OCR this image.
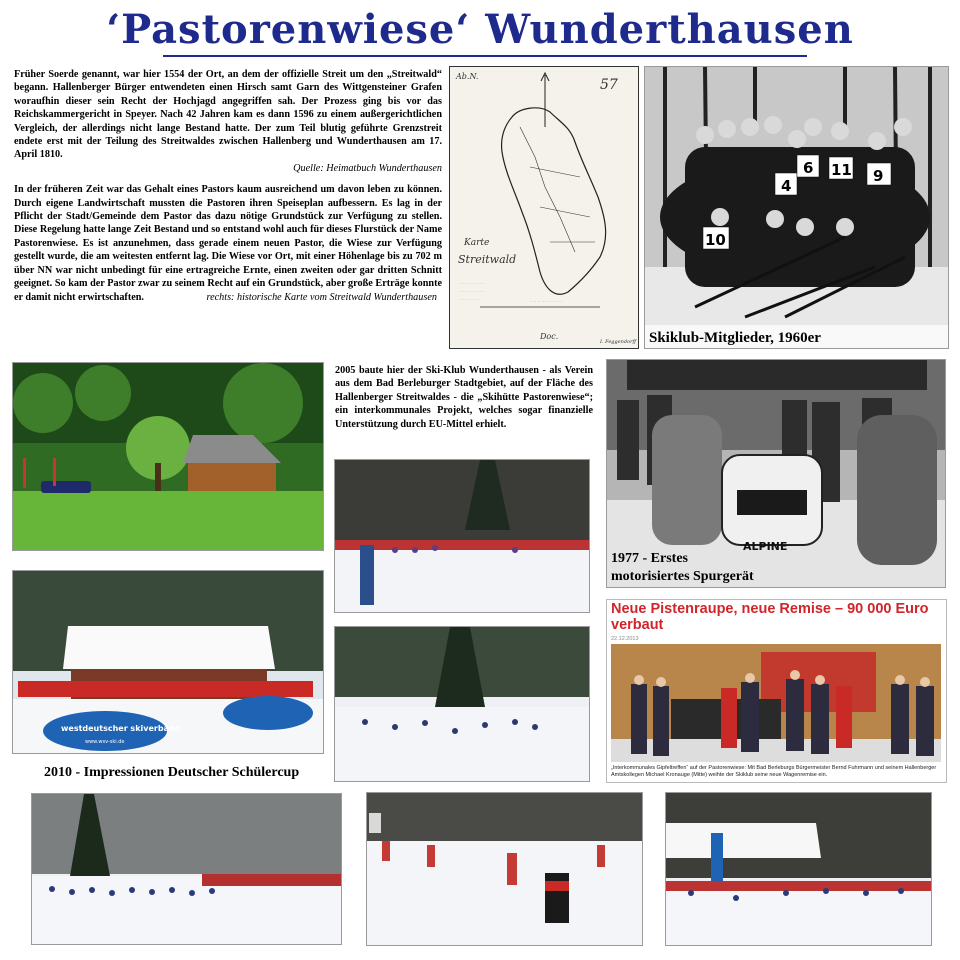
‘Pastorenwiese‘ Wunderthausen

Früher Soerde genannt, war hier 1554 der Ort, an dem der offizielle Streit um den „Streitwald“ begann. Hallenberger Bürger entwendeten einen Hirsch samt Garn des Wittgensteiner Grafen woraufhin dieser sein Recht der Hochjagd angegriffen sah. Der Prozess ging bis vor das Reichskammergericht in Speyer. Nach 42 Jahren kam es dann 1596 zu einem außergerichtlichen Vergleich, der allerdings nicht lange Bestand hatte. Der zum Teil blutig geführte Grenzstreit endete erst mit der Teilung des Streitwaldes zwischen Hallenberg und Wunderthausen am 17. April 1810.

Quelle: Heimatbuch Wunderthausen

In der früheren Zeit war das Gehalt eines Pastors kaum ausreichend um davon leben zu können. Durch eigene Landwirtschaft mussten die Pastoren ihren Speiseplan aufbessern. Es lag in der Pflicht der Stadt/Gemeinde dem Pastor das dazu nötige Grundstück zur Verfügung zu stellen. Diese Regelung hatte lange Zeit Bestand und so entstand wohl auch für dieses Flurstück der Name Pastorenwiese. Es ist anzunehmen, dass gerade einem neuen Pastor, die Wiese zur Verfügung gestellt wurde, die am weitesten entfernt lag. Die Wiese vor Ort, mit einer Höhenlage bis zu 702 m über NN war nicht unbedingt für eine ertragreiche Ernte, einen zweiten oder gar dritten Schnitt geeignet. So kam der Pastor zwar zu seinem Recht auf ein Grundstück, aber große Erträge konnte er damit nicht erwirtschaften.	rechts: historische Karte vom Streitwald Wunderthausen

Ab.N.
57
Karte
Streitwald
Doc.
I. Feggendorff
· · · · · · · · · ·
· · · · · · · · · ·
· · · · · · · ·	· · · · · · · · · · · · ·
10
4
6 11 9
Skiklub-Mitglieder, 1960er

2005 baute hier der Ski-Klub Wunderthausen - als Verein aus dem Bad Berleburger Stadtgebiet, auf der Fläche des Hallenberger Streitwaldes - die „Skihütte Pastorenwiese“; ein interkommunales Projekt, welches sogar finanzielle Unterstützung durch EU-Mittel erhielt.

ALPINE
1977 - Erstes
motorisiertes Spurgerät
westdeutscher skiverband
www.wsv-ski.de
Neue Pistenraupe, neue Remise – 90 000 Euro verbaut
22.12.2013
„Interkommunales Gipfeltreffen“ auf der Pastorenwiese: Mit Bad Berleburgs Bürgermeister Bernd Fuhrmann und seinem Hallenberger Amtskollegen Michael Kronauge (Mitte) weihte der Skiklub seine neue Wagenremise ein.
2010 - Impressionen Deutscher Schülercup
